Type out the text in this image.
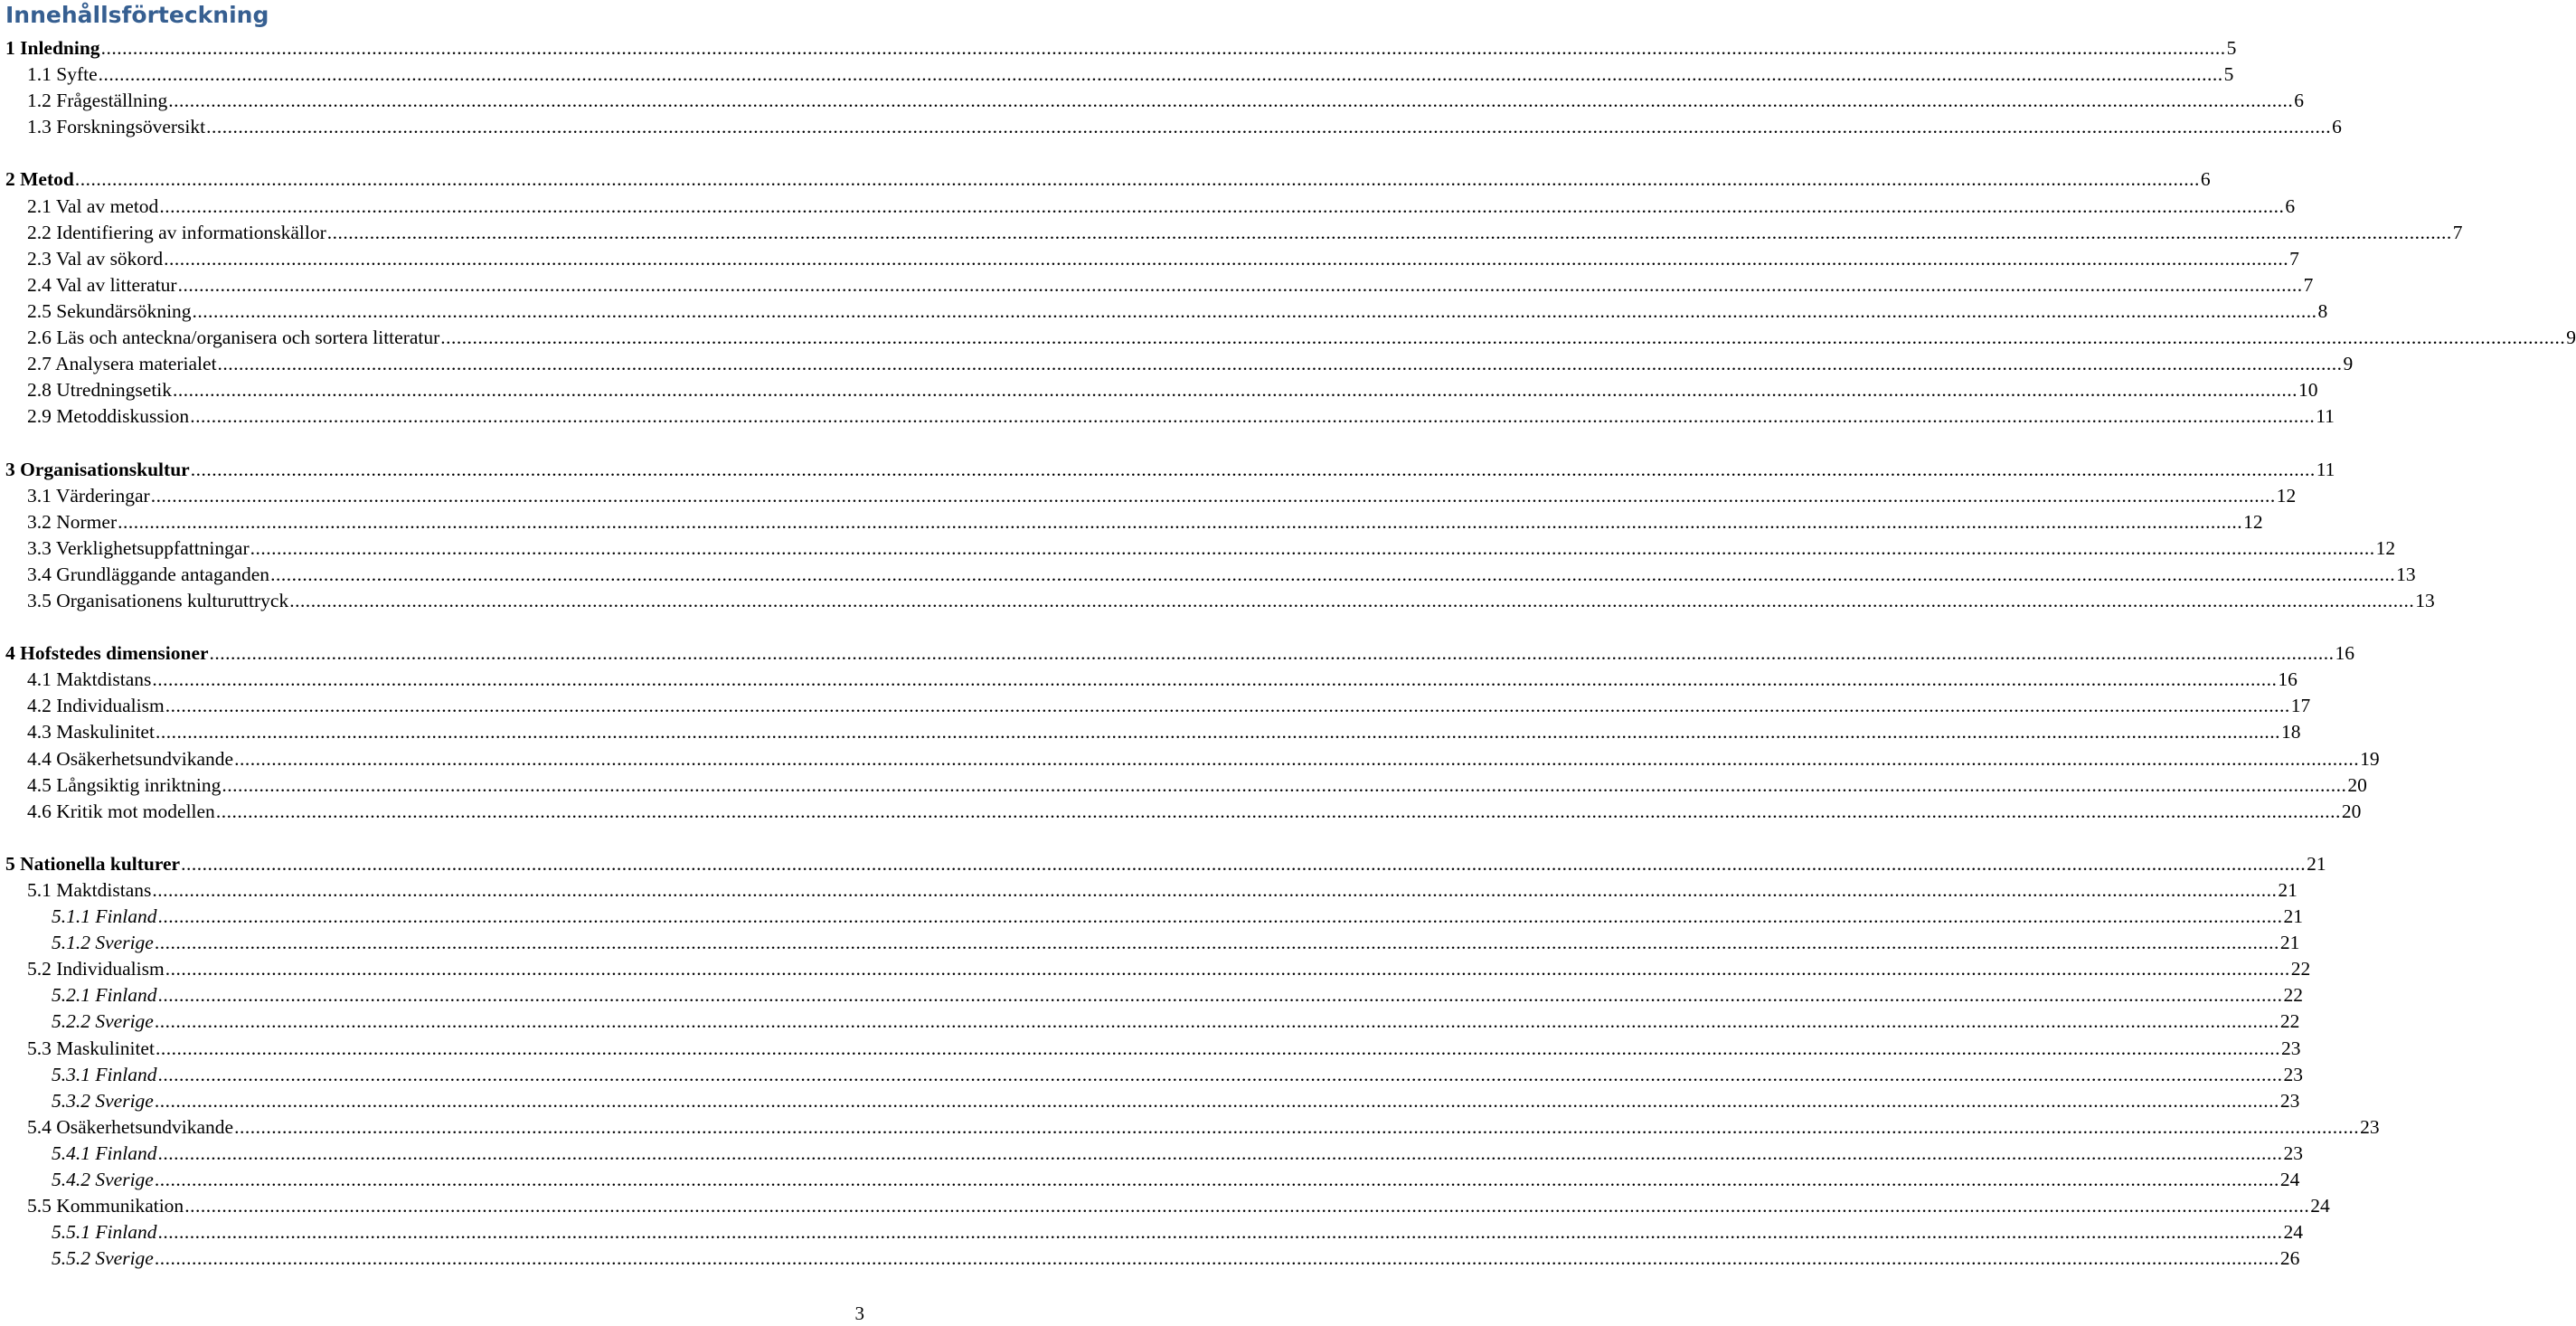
Innehållsförteckning
1 Inledning ................................................................................................................................................................................................................................................................................................................................................................................................................ 5
1.1 Syfte ................................................................................................................................................................................................................................................................................................................................................................................................................ 5
1.2 Frågeställning ................................................................................................................................................................................................................................................................................................................................................................................................................ 6
1.3 Forskningsöversikt ................................................................................................................................................................................................................................................................................................................................................................................................................ 6
2 Metod ................................................................................................................................................................................................................................................................................................................................................................................................................ 6
2.1 Val av metod ................................................................................................................................................................................................................................................................................................................................................................................................................ 6
2.2 Identifiering av informationskällor ................................................................................................................................................................................................................................................................................................................................................................................................................ 7
2.3 Val av sökord ................................................................................................................................................................................................................................................................................................................................................................................................................ 7
2.4 Val av litteratur ................................................................................................................................................................................................................................................................................................................................................................................................................ 7
2.5 Sekundärsökning ................................................................................................................................................................................................................................................................................................................................................................................................................ 8
2.6 Läs och anteckna/organisera och sortera litteratur ................................................................................................................................................................................................................................................................................................................................................................................................................ 9
2.7 Analysera materialet ................................................................................................................................................................................................................................................................................................................................................................................................................ 9
2.8 Utredningsetik ................................................................................................................................................................................................................................................................................................................................................................................................................ 10
2.9 Metoddiskussion ................................................................................................................................................................................................................................................................................................................................................................................................................ 11
3 Organisationskultur ................................................................................................................................................................................................................................................................................................................................................................................................................ 11
3.1 Värderingar ................................................................................................................................................................................................................................................................................................................................................................................................................ 12
3.2 Normer ................................................................................................................................................................................................................................................................................................................................................................................................................ 12
3.3 Verklighetsuppfattningar ................................................................................................................................................................................................................................................................................................................................................................................................................ 12
3.4 Grundläggande antaganden ................................................................................................................................................................................................................................................................................................................................................................................................................ 13
3.5 Organisationens kulturuttryck ................................................................................................................................................................................................................................................................................................................................................................................................................ 13
4 Hofstedes dimensioner ................................................................................................................................................................................................................................................................................................................................................................................................................ 16
4.1 Maktdistans ................................................................................................................................................................................................................................................................................................................................................................................................................ 16
4.2 Individualism ................................................................................................................................................................................................................................................................................................................................................................................................................ 17
4.3 Maskulinitet ................................................................................................................................................................................................................................................................................................................................................................................................................ 18
4.4 Osäkerhetsundvikande ................................................................................................................................................................................................................................................................................................................................................................................................................ 19
4.5 Långsiktig inriktning ................................................................................................................................................................................................................................................................................................................................................................................................................ 20
4.6 Kritik mot modellen ................................................................................................................................................................................................................................................................................................................................................................................................................ 20
5 Nationella kulturer ................................................................................................................................................................................................................................................................................................................................................................................................................ 21
5.1 Maktdistans ................................................................................................................................................................................................................................................................................................................................................................................................................ 21
5.1.1 Finland ................................................................................................................................................................................................................................................................................................................................................................................................................ 21
5.1.2 Sverige ................................................................................................................................................................................................................................................................................................................................................................................................................ 21
5.2 Individualism ................................................................................................................................................................................................................................................................................................................................................................................................................ 22
5.2.1 Finland ................................................................................................................................................................................................................................................................................................................................................................................................................ 22
5.2.2 Sverige ................................................................................................................................................................................................................................................................................................................................................................................................................ 22
5.3 Maskulinitet ................................................................................................................................................................................................................................................................................................................................................................................................................ 23
5.3.1 Finland ................................................................................................................................................................................................................................................................................................................................................................................................................ 23
5.3.2 Sverige ................................................................................................................................................................................................................................................................................................................................................................................................................ 23
5.4 Osäkerhetsundvikande ................................................................................................................................................................................................................................................................................................................................................................................................................ 23
5.4.1 Finland ................................................................................................................................................................................................................................................................................................................................................................................................................ 23
5.4.2 Sverige ................................................................................................................................................................................................................................................................................................................................................................................................................ 24
5.5 Kommunikation ................................................................................................................................................................................................................................................................................................................................................................................................................ 24
5.5.1 Finland ................................................................................................................................................................................................................................................................................................................................................................................................................ 24
5.5.2 Sverige ................................................................................................................................................................................................................................................................................................................................................................................................................ 26
3
